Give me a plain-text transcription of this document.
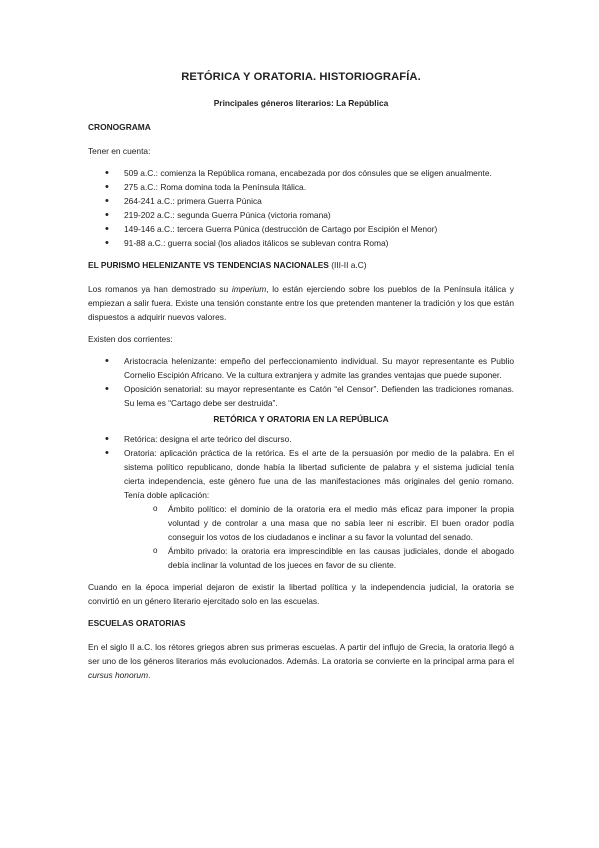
RETÓRICA Y ORATORIA. HISTORIOGRAFÍA.
Principales géneros literarios: La República
CRONOGRAMA

Tener en cuenta:

• 509 a.C.: comienza la República romana, encabezada por dos cónsules que se eligen anualmente.
• 275 a.C.: Roma domina toda la Península Itálica.
• 264-241 a.C.: primera Guerra Púnica
• 219-202 a.C.: segunda Guerra Púnica (victoria romana)
• 149-146 a.C.: tercera Guerra Púnica (destrucción de Cartago por Escipión el Menor)
• 91-88 a.C.: guerra social (los aliados itálicos se sublevan contra Roma)
EL PURISMO HELENIZANTE VS TENDENCIAS NACIONALES (III-II a.C)

Los romanos ya han demostrado su imperium, lo están ejerciendo sobre los pueblos de la Península itálica y empiezan a salir fuera. Existe una tensión constante entre los que pretenden mantener la tradición y los que están dispuestos a adquirir nuevos valores.

Existen dos corrientes:

• Aristocracia helenizante: empeño del perfeccionamiento individual. Su mayor representante es Publio Cornelio Escipión Africano. Ve la cultura extranjera y admite las grandes ventajas que puede suponer.
• Oposición senatorial: su mayor representante es Catón “el Censor”. Defienden las tradiciones romanas. Su lema es “Cartago debe ser destruida”.
RETÓRICA Y ORATORIA EN LA REPÚBLICA
• Retórica: designa el arte teórico del discurso.
• Oratoria: aplicación práctica de la retórica. Es el arte de la persuasión por medio de la palabra. En el sistema político republicano, donde había la libertad suficiente de palabra y el sistema judicial tenía cierta independencia, este género fue una de las manifestaciones más originales del genio romano. Tenía doble aplicación:
o Ámbito político: el dominio de la oratoria era el medio más eficaz para imponer la propia voluntad y de controlar a una masa que no sabía leer ni escribir. El buen orador podía conseguir los votos de los ciudadanos e inclinar a su favor la voluntad del senado.
o Ámbito privado: la oratoria era imprescindible en las causas judiciales, donde el abogado debía inclinar la voluntad de los jueces en favor de su cliente.

Cuando en la época imperial dejaron de existir la libertad política y la independencia judicial, la oratoria se convirtió en un género literario ejercitado solo en las escuelas.

ESCUELAS ORATORIAS

En el siglo II a.C. los rétores griegos abren sus primeras escuelas. A partir del influjo de Grecia, la oratoria llegó a ser uno de los géneros literarios más evolucionados. Además. La oratoria se convierte en la principal arma para el cursus honorum.
